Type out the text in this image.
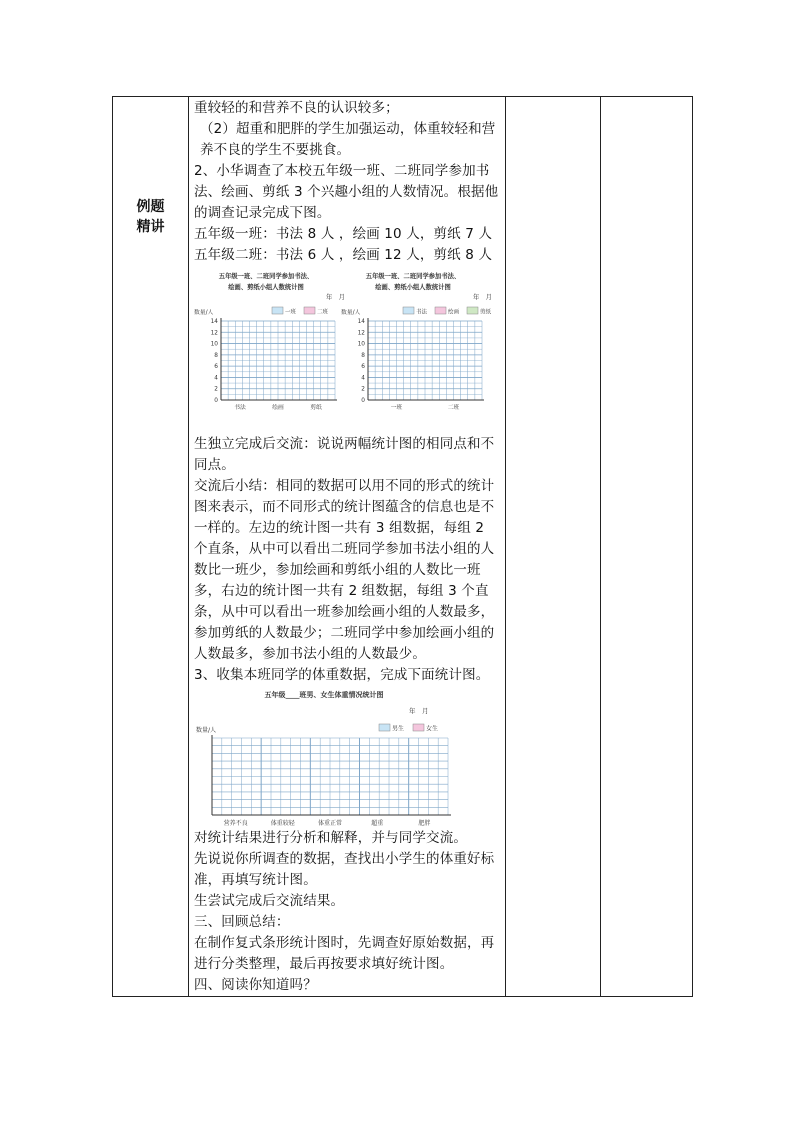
例题
精讲

重较轻的和营养不良的认识较多；

（2）超重和肥胖的学生加强运动，体重较轻和营养不良的学生不要挑食。

2、小华调查了本校五年级一班、二班同学参加书法、绘画、剪纸 3 个兴趣小组的人数情况。根据他的调查记录完成下图。

五年级一班：书法 8 人 ，绘画 10 人，剪纸 7 人

五年级二班：书法 6 人 ，绘画 12 人，剪纸 8 人

五年级一班、二班同学参加书法、
绘画、剪纸小组人数统计图
年　月
数量/人	一班	二班
14
12
10
8
6
4
2
0
书法	绘画	剪纸
五年级一班、二班同学参加书法、
绘画、剪纸小组人数统计图
年　月
数量/人	书法	绘画	剪纸
14
12
10
8
6
4
2
0
一班	二班

生独立完成后交流：说说两幅统计图的相同点和不同点。

交流后小结：相同的数据可以用不同的形式的统计图来表示，而不同形式的统计图蕴含的信息也是不一样的。左边的统计图一共有 3 组数据，每组 2 个直条，从中可以看出二班同学参加书法小组的人数比一班少，参加绘画和剪纸小组的人数比一班多，右边的统计图一共有 2 组数据，每组 3 个直条，从中可以看出一班参加绘画小组的人数最多，参加剪纸的人数最少；二班同学中参加绘画小组的人数最多，参加书法小组的人数最少。

3、收集本班同学的体重数据，完成下面统计图。

五年级____班男、女生体重情况统计图
年　月
数量/人	男生	女生
营养不良	体重较轻	体重正常	超重	肥胖

对统计结果进行分析和解释，并与同学交流。

先说说你所调查的数据，查找出小学生的体重好标准，再填写统计图。

生尝试完成后交流结果。

三、回顾总结：

在制作复式条形统计图时，先调查好原始数据，再进行分类整理，最后再按要求填好统计图。

四、阅读你知道吗？
